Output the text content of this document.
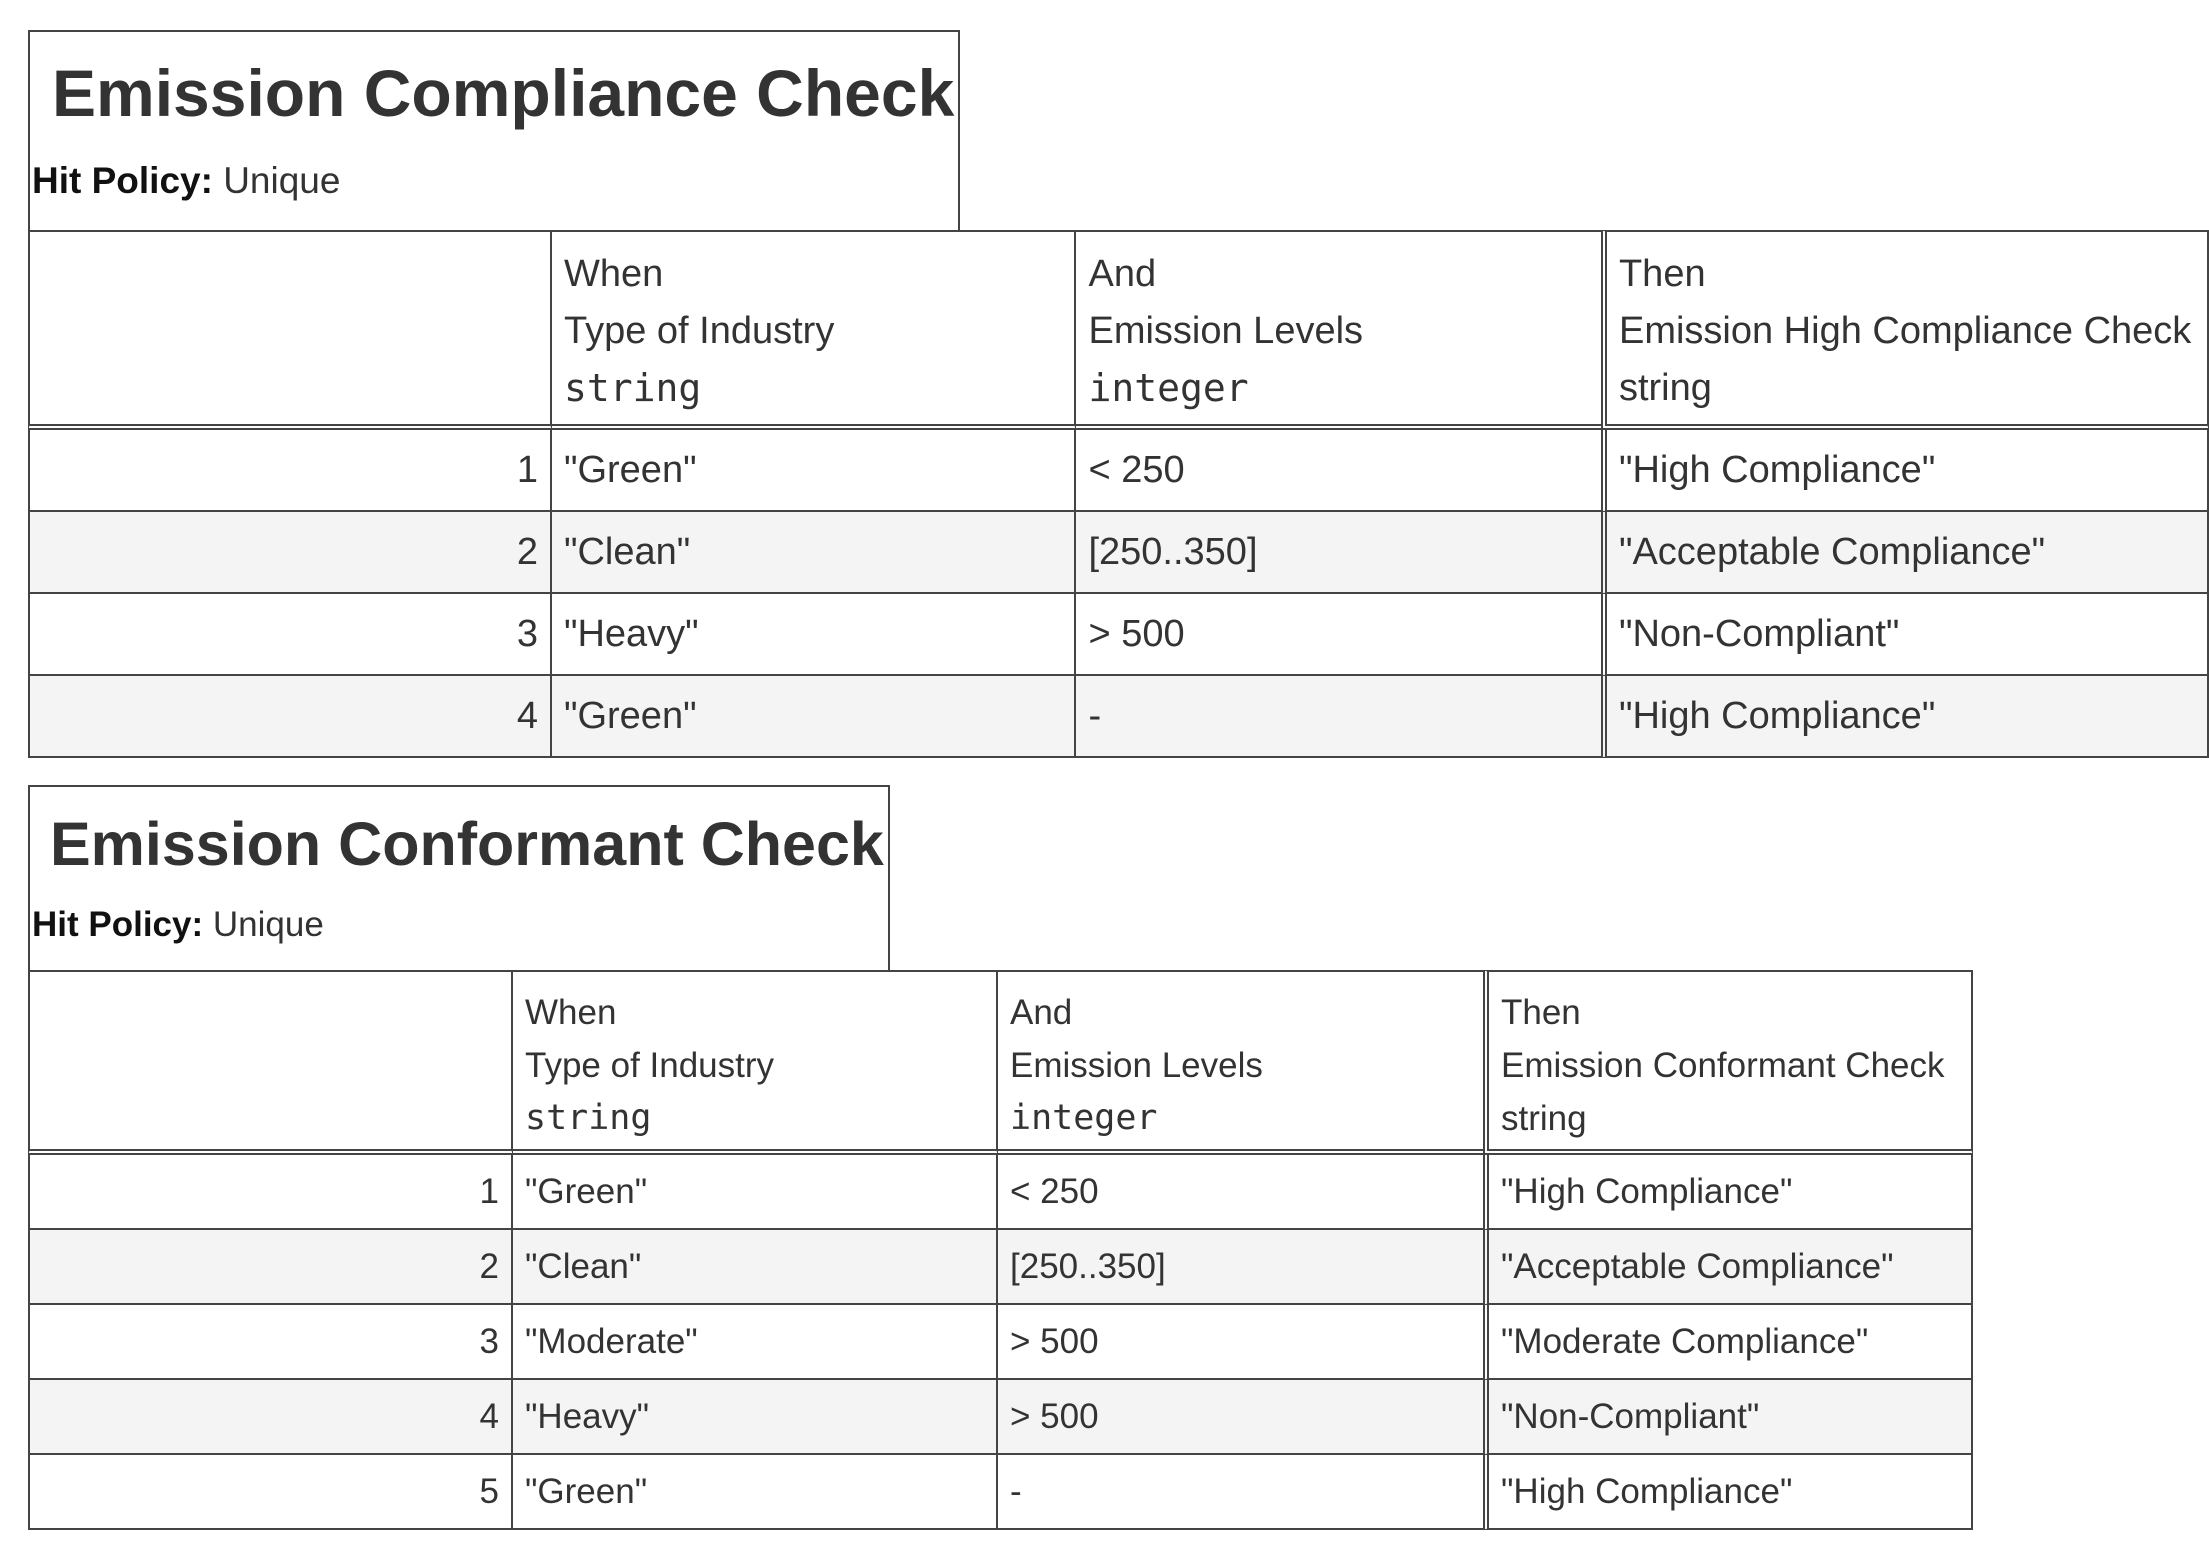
Emission Compliance Check
Hit Policy: Unique

	When
Type of Industry
string	And
Emission Levels
integer	Then
Emission High Compliance Check
string

1	"Green"	< 250	"High Compliance"
2	"Clean"	[250..350]	"Acceptable Compliance"
3	"Heavy"	> 500	"Non-Compliant"
4	"Green"	-	"High Compliance"
Emission Conformant Check
Hit Policy: Unique

	When
Type of Industry
string	And
Emission Levels
integer	Then
Emission Conformant Check
string

1	"Green"	< 250	"High Compliance"
2	"Clean"	[250..350]	"Acceptable Compliance"
3	"Moderate"	> 500	"Moderate Compliance"
4	"Heavy"	> 500	"Non-Compliant"
5	"Green"	-	"High Compliance"
